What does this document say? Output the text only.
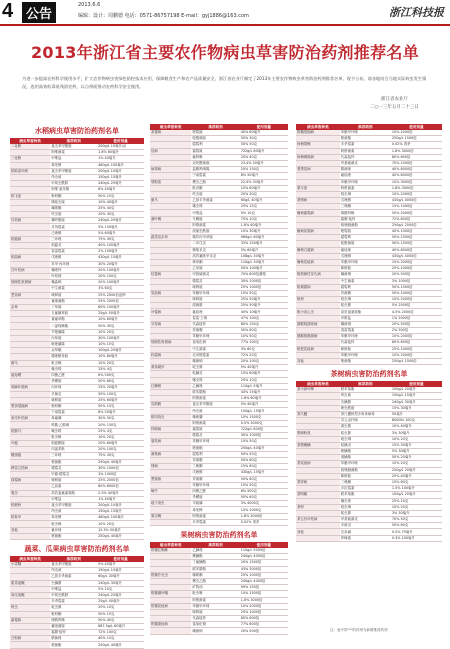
4 公告
2013.6.6
编辑：设计：周鹏德 电话：0571-86757198 E-mail：gyj1886@163.com	浙江科技报
2013年浙江省主要农作物病虫草害防治药剂推荐名单
为进一步提高农药科学使用水平，扩大农作物病虫害绿色防控技术应用，保障粮食生产和农产品质量安全，浙江省农业厅制定了2013年主要农作物病虫草害防治药剂推荐名单，现予公布。请各地结合当地实际病虫发生情况，选用高效低毒低残留农药，以点带面推动农药科学安全使用。
浙江省农业厅
二○一三年五月二十三日
水稻病虫草害防治药剂名单
病虫草害种类	推荐药剂	使用剂量
二化螟	氯虫苯甲酰胺	200g/L 10毫升/亩
	阿维菌素	1.8% 60毫升
三化螟	甲维盐	1% 40毫升
	毒死蜱	480g/L 100毫升
稻纵卷叶螟	氯虫苯甲酰胺	200g/L 10毫升
	茚虫威	150g/L 15毫升
	甲氧虫酰肼	240g/L 25毫升
	阿维·氯苯酰	6% 40毫升
稻飞虱	吡蚜酮	50% 15克
	烯啶虫胺	10% 40毫升
	噻嗪酮	25% 40克
	呋虫胺	20% 30克
纹枯病	噻呋酰胺	240g/L 20毫升
	井冈霉素	5% 150毫升
	己唑醇	5% 60毫升
稻瘟病	三环唑	75% 30克
	稻瘟灵	40% 100毫升
	春雷霉素	2% 100毫升
稻曲病	戊唑醇	430g/L 15毫升
	苯甲·丙环唑	30% 20毫升
白叶枯病	噻唑锌	20% 100毫升
	叶枯唑	20% 100克
细菌性条斑病	噻森铜	20% 100毫升
	中生菌素	3% 60克
恶苗病	咪鲜胺	25% 2000倍浸种
	氰烯菌酯	25% 2000倍
杂草	丁草胺	60% 100毫升
	五氟磺草胺	25g/L 50毫升
	氰氟草酯	10% 60毫升
	二氯喹啉酸	50% 30克
	苄嘧磺隆	10% 20克
	丙草胺	30% 100毫升
	吡嘧磺隆	10% 15克
	双草醚	100g/L 20毫升
	噁唑酰草胺	10% 80毫升
蓟马	吡虫啉	10% 20克
	噻虫嗪	25% 4克
福寿螺	四聚乙醛	6% 500克
	杀螺胺	50% 60克
胡麻叶斑病	丙环唑	25% 20毫升
	多菌灵	50% 100克
	咪鲜胺	25% 60毫升
黑条矮缩病	吡蚜酮	50% 15克
	宁南霉素	8% 50毫升
条纹叶枯病	毒氟磷	30% 50克
	吗胍·乙酸铜	20% 150克
稻蓟马	噻虫嗪	25% 4克
	吡虫啉	10% 20克
叶瘟	稻瘟酰胺	20% 60毫升
	四氯苯酞	20% 100克
穗颈瘟	三环唑	75% 30克
	嘧菌酯	250g/L 40毫升
秧苗立枯病	噁霉灵	30% 1000倍
	甲霜·噁霉灵	3% 1000倍
绿霉病	咪鲜胺	25% 2000倍
	乙蒜素	80% 6000倍
黏虫	高效氯氟氰菊酯	2.5% 40毫升
	甲维盐	1% 40毫升
稻螟蛉	氯虫苯甲酰胺	200g/L 10毫升
	茚虫威	150g/L 15毫升
稻象甲	毒死蜱	480g/L 100毫升
	吡虫啉	10% 20克
其他	氟环唑	12.5% 50毫升
	嘧菌酯	250g/L 40毫升
蔬菜、瓜果病虫草害防治药剂名单
病虫草害种类	推荐药剂	使用剂量
小菜蛾	氯虫苯甲酰胺	5% 40毫升
	茚虫威	150g/L 15毫升
	乙基多杀菌素	60g/L 30毫升
甜菜夜蛾	虫螨腈	240g/L 30毫升
	甲维盐	5% 10克
斜纹夜蛾	甲氧虫酰肼	240g/L 25毫升
	多杀霉素	25g/L 40毫升
蚜虫	啶虫脒	20% 10克
	吡蚜酮	50% 15克
霜霉病	烯酰吗啉	50% 40克
	氟吡菌胺	687.5g/L 60毫升
	霜脲·锰锌	72% 100克
白粉病	腈菌唑	40% 10克
	嘧菌酯	250g/L 40毫升
病虫草害种类	推荐药剂	使用剂量
灰霉病	嘧霉胺	40% 60毫升
	啶酰菌胺	50% 30克
	腐霉利	50% 50克
疫病	霜霉威	722g/L 80毫升
	氟吗啉	20% 40克
	双炔酰菌胺	23.4% 30毫升
病毒病	盐酸吗啉胍	20% 150克
	宁南霉素	8% 50毫升
烟粉虱	螺虫乙酯	22.4% 30毫升
	吡丙醚	10% 60毫升
	呋虫胺	20% 30克
蓟马	乙基多杀菌素	60g/L 40毫升
	噻虫嗪	25% 15克
	甲维盐	5% 10克
潜叶蝇	灭蝇胺	75% 10克
	阿维菌素	1.8% 60毫升
	溴氰虫酰胺	10% 30毫升
蔬菜田杂草	精异丙甲草胺	960g/L 60毫升
	二甲戊灵	33% 150毫升
	精喹禾灵	5% 60毫升
	高效氟吡甲禾灵	108g/L 30毫升
	烯草酮	120g/L 30毫升
	乙草胺	50% 100毫升
枯萎病	甲基硫菌灵	70% 800倍灌根
	噁霉灵	30% 1000倍
	咪鲜胺	25% 1000倍
炭疽病	苯醚甲环唑	10% 50克
	咪鲜胺	25% 50毫升
	溴菌腈	25% 50毫升
叶霉病	氟硅唑	40% 10毫升
	春雷·王铜	47% 100克
早疫病	代森锰锌	80% 150克
	异菌脲	50% 60克
	苯醚甲环唑	10% 50克
细菌性角斑病	氢氧化铜	77% 100克
	中生菌素	3% 60克
软腐病	农用链霉素	72% 20克
	噻菌铜	20% 100克
黄条跳甲	啶虫脒	5% 40毫升
	哒螨灵	15% 60毫升
	噻虫嗪	25% 10克
红蜘蛛	乙螨唑	110g/L 5毫升
	联苯肼酯	43% 15毫升
	阿维菌素	1.8% 60毫升
瓜绢螟	氯虫苯甲酰胺	5% 40毫升
	茚虫威	150g/L 15毫升
根结线虫	噻唑膦	10% 1500克
	阿维菌素	0.5% 3000克
猝倒病	霜霉威	722g/L 800倍
	噁霉灵	30% 1000倍
蔓枯病	苯醚甲环唑	10% 50克
	嘧菌酯	250g/L 40毫升
菌核病	腐霉利	50% 50克
	异菌脲	50% 60克
锈病	三唑酮	15% 60克
	戊唑醇	430g/L 15毫升
黑斑病	异菌脲	50% 60克
	苯醚甲环唑	10% 50克
蜗牛	四聚乙醛	6% 500克
	杀螺胺	50% 60克
地下害虫	辛硫磷	3% 4000克
	毒死蜱	15% 1000克
果实蝇	阿维菌素	1.8% 3000倍
	多杀霉素	0.02% 诱杀
果树病虫害防治药剂名单
病虫草害种类	推荐药剂	使用剂量
柑橘红蜘蛛	乙螨唑	110g/L 5000倍
	螺螨酯	240g/L 4000倍
	丁氟螨酯	20% 1500倍
	联苯肼酯	43% 3000倍
柑橘介壳虫	噻嗪酮	25% 1000倍
	螺虫乙酯	240g/L 4000倍
	矿物油	99% 150倍
柑橘潜叶蛾	吡虫啉	10% 1500倍
	阿维菌素	1.8% 3000倍
柑橘炭疽病	苯醚甲环唑	10% 2000倍
	咪鲜胺	25% 1000倍
	代森锰锌	80% 600倍
柑橘溃疡病	氢氧化铜	77% 600倍
	噻菌铜	20% 500倍
病虫草害种类	推荐药剂	使用剂量
柑橘疮痂病	苯醚甲环唑	10% 2000倍
	嘧菌酯	250g/L 1500倍
杨梅果蝇	多杀霉素	0.02% 诱杀
	阿维菌素	1.8% 3000倍
杨梅褐斑病	代森锰锌	80% 600倍
	甲基硫菌灵	70% 1000倍
梨黑星病	腈菌唑	40% 8000倍
	氟硅唑	40% 8000倍
	苯醚甲环唑	10% 3000倍
梨木虱	阿维菌素	1.8% 3000倍
	吡虫啉	10% 2000倍
梨锈病	戊唑醇	430g/L 4000倍
	三唑酮	15% 1000倍
葡萄霜霉病	烯酰吗啉	50% 2000倍
	霜脲·锰锌	72% 600倍
	吡唑醚菌酯	250g/L 2000倍
葡萄灰霉病	嘧霉胺	40% 1000倍
	腐霉利	50% 1500倍
	啶酰菌胺	50% 1500倍
葡萄白腐病	氟硅唑	40% 8000倍
	戊唑醇	430g/L 4000倍
葡萄炭疽病	苯醚甲环唑	10% 2000倍
	咪鲜胺	25% 1000倍
桃细菌性穿孔病	噻菌铜	20% 500倍
	中生菌素	3% 1000倍
桃褐腐病	腐霉利	50% 1500倍
	异菌脲	50% 1000倍
桃蚜	吡虫啉	10% 2000倍
	啶虫脒	5% 2500倍
桃小食心虫	高效氯氰菊酯	4.5% 2000倍
	甲维盐	1% 2000倍
猕猴桃溃疡病	噻菌铜	20% 500倍
	春雷霉素	2% 500倍
猕猴桃褐斑病	苯醚甲环唑	10% 2000倍
	代森锰锌	80% 600倍
枇杷炭疽病	咪鲜胺	25% 1000倍
	苯醚甲环唑	10% 2000倍
其他	嘧菌酯	250g/L 1500倍
茶树病虫害防治药剂名单
病虫草害种类	推荐药剂	使用剂量
茶小绿叶蝉	联苯菊酯	100g/L 20毫升
	茚虫威	150g/L 15毫升
	虫螨腈	240g/L 30毫升
	唑虫酰胺	15% 30毫升
茶尺蠖	茶尺蠖核型多角体病毒	50毫升
	苏云金杆菌	8000IU 100克
	溴虫腈	10% 40毫升
黑刺粉虱	啶虫脒	3% 30毫升
	吡虫啉	10% 20克
茶橙瘿螨	哒螨灵	15% 30毫升
	唑螨酯	5% 30毫升
	溴螨酯	50% 20毫升
茶炭疽病	苯醚甲环唑	10% 20克
	吡唑醚菌酯	250g/L 20毫升
	咪鲜胺	25% 40毫升
茶饼病	三唑酮	15% 60克
	多抗霉素	1.5% 100毫升
茶网蝽	联苯菊酯	100g/L 20毫升
	噻虫嗪	25% 10克
茶蚜	吡虫啉	10% 20克
	啶虫脒	3% 30毫升
茶云纹叶枯病	甲基硫菌灵	70% 50克
	多菌灵	50% 60克
其他	苦参碱	0.5% 75毫升
	印楝素	0.3% 100毫升
注：表中带"*"的药剂为新增推荐药剂
